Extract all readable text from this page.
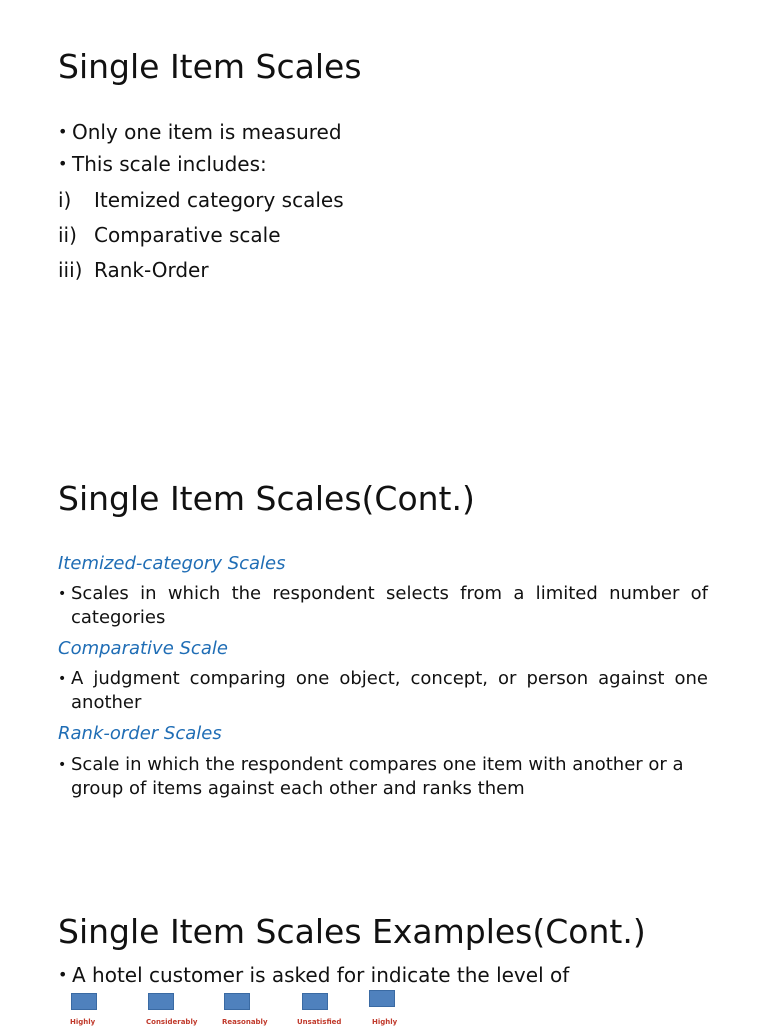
Single Item Scales
• Only one item is measured
• This scale includes:
i) Itemized category scales
ii) Comparative scale
iii) Rank-Order
Single Item Scales(Cont.)
Itemized-category Scales
• Scales in which the respondent selects from a limited number of categories
Comparative Scale
• A judgment comparing one object, concept, or person against one another
Rank-order Scales
• Scale in which the respondent compares one item with another or a group of items against each other and ranks them
Single Item Scales Examples(Cont.)
• A hotel customer is asked for indicate the level of
Highly	Considerably	Reasonably	Unsatisfied	Highly
